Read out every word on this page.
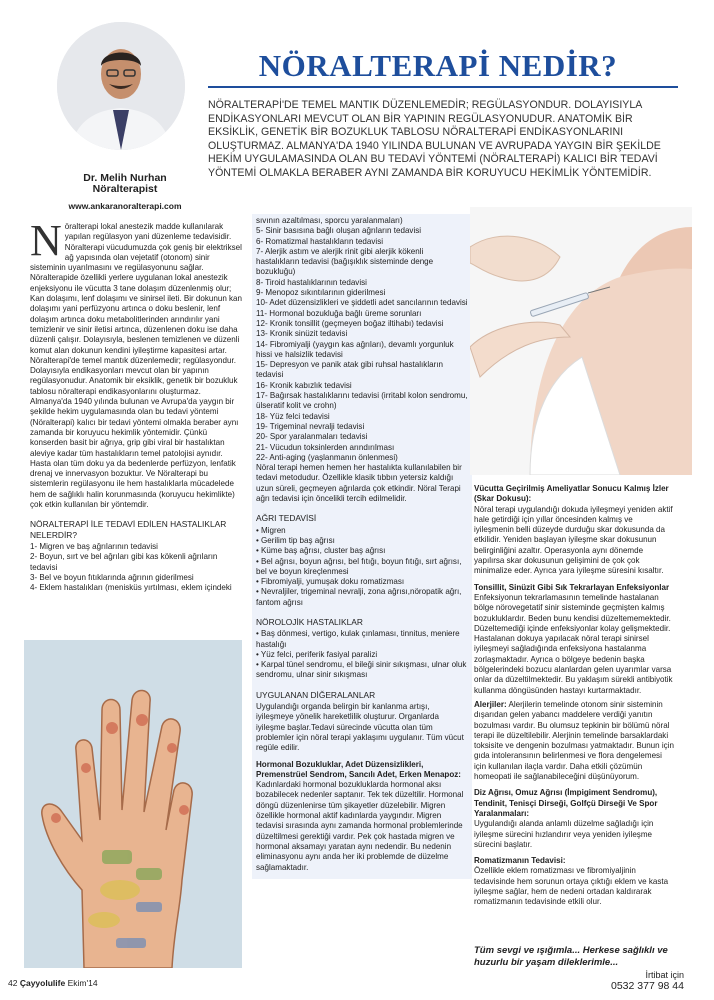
Dr. Melih Nurhan
Nöralterapist
www.ankaranoralterapi.com
NÖRALTERAPİ NEDİR?

NÖRALTERAPİ'DE TEMEL MANTIK DÜZENLEMEDİR; REGÜLASYONDUR. DOLAYISIYLA ENDİKASYONLARI MEVCUT OLAN BİR YAPININ REGÜLASYONUDUR. ANATOMİK BİR EKSİKLİK, GENETİK BİR BOZUKLUK TABLOSU NÖRALTERAPİ ENDİKASYONLARINI OLUŞTURMAZ. ALMANYA'DA 1940 YILINDA BULUNAN VE AVRUPADA YAYGIN BİR ŞEKİLDE HEKİM UYGULAMASINDA OLAN BU TEDAVİ YÖNTEMİ (NÖRALTERAPİ) KALICI BİR TEDAVİ YÖNTEMİ OLMAKLA BERABER AYNI ZAMANDA BİR KORUYUCU HEKİMLİK YÖNTEMİDİR.

Nöralterapi lokal anestezik madde kullanılarak yapılan regülasyon yani düzenleme tedavisidir. Nöralterapi vücudumuzda çok geniş bir elektriksel ağ yapısında olan vejetatif (otonom) sinir sisteminin uyarılmasını ve regülasyonunu sağlar. Nöralterapide özellikli yerlere uygulanan lokal anestezik enjeksiyonu ile vücutta 3 tane dolaşım düzenlenmiş olur; Kan dolaşımı, lenf dolaşımı ve sinirsel ileti. Bir dokunun kan dolaşımı yani perfüzyonu artınca o doku beslenir, lenf dolaşım artınca doku metabolitlerinden arındırılır yani temizlenir ve sinir iletisi artınca, düzenlenen doku ise daha düzenli çalışır. Dolayısıyla, beslenen temizlenen ve düzenli komut alan dokunun kendini iyileştirme kapasitesi artar. Nöralterapi'de temel mantık düzenlemedir; regülasyondur. Dolayısıyla endikasyonları mevcut olan bir yapının regülasyonudur. Anatomik bir eksiklik, genetik bir bozukluk tablosu nöralterapi endikasyonlarını oluşturmaz. Almanya'da 1940 yılında bulunan ve Avrupa'da yaygın bir şekilde hekim uygulamasında olan bu tedavi yöntemi (Nöralterapi) kalıcı bir tedavi yöntemi olmakla beraber aynı zamanda bir koruyucu hekimlik yöntemidir. Çünkü konserden basit bir ağrıya, grip gibi viral bir hastalıktan aleviye kadar tüm hastalıkların temel patolojisi aynıdır. Hasta olan tüm doku ya da bedenlerde perfüzyon, lenfatik drenaj ve innervasyon bozuktur. Ve Nöralterapi bu sistemlerin regülasyonu ile hem hastalıklarla mücadelede hem de sağlıklı halin korunmasında (koruyucu hekimlikte) çok etkin kullanılan bir yöntemdir.

NÖRALTERAPİ İLE TEDAVİ EDİLEN HASTALIKLAR NELERDİR?
1- Migren ve baş ağrılarının tedavisi
2- Boyun, sırt ve bel ağrıları gibi kas kökenli ağrıların tedavisi
3- Bel ve boyun fıtıklarında ağrının giderilmesi
4- Eklem hastalıkları (menisküs yırtılması, eklem içindeki
sıvının azaltılması, sporcu yaralanmaları)
5- Sinir basısına bağlı oluşan ağrıların tedavisi
6- Romatizmal hastalıkların tedavisi
7- Alerjik astım ve alerjik rinit gibi alerjik kökenli hastalıkların tedavisi (bağışıklık sisteminde denge bozukluğu)
8- Tiroid hastalıklarının tedavisi
9- Menopoz sıkıntılarının giderilmesi
10- Adet düzensizlikleri ve şiddetli adet sancılarının tedavisi
11- Hormonal bozukluğa bağlı üreme sorunları
12- Kronik tonsillit (geçmeyen boğaz iltihabı) tedavisi
13- Kronik sinüzit tedavisi
14- Fibromiyalji (yaygın kas ağrıları), devamlı yorgunluk hissi ve halsizlik tedavisi
15- Depresyon ve panik atak gibi ruhsal hastalıkların tedavisi
16- Kronik kabızlık tedavisi
17- Bağırsak hastalıklarını tedavisi (irritabl kolon sendromu, ülseratif kolit ve crohn)
18- Yüz felci tedavisi
19- Trigeminal nevralji tedavisi
20- Spor yaralanmaları tedavisi
21- Vücudun toksinlerden arındırılması
22- Anti-aging (yaşlanmanın önlenmesi)

Nöral terapi hemen hemen her hastalıkta kullanılabilen bir tedavi metodudur. Özellikle klasik tıbbın yetersiz kaldığı uzun süreli, geçmeyen ağrılarda çok etkindir. Nöral Terapi ağrı tedavisi için öncelikli tercih edilmelidir.

AĞRI TEDAVİSİ
• Migren
• Gerilim tip baş ağrısı
• Küme baş ağrısı, cluster baş ağrısı
• Bel ağrısı, boyun ağrısı, bel fıtığı, boyun fıtığı, sırt ağrısı, bel ve boyun kireçlenmesi
• Fibromiyalji, yumuşak doku romatizması
• Nevraljiler, trigeminal nevralji, zona ağrısı,nöropatik ağrı, fantom ağrısı
NÖROLOJİK HASTALIKLAR
• Baş dönmesi, vertigo, kulak çınlaması, tinnitus, meniere hastalığı
• Yüz felci, periferik fasiyal paralizi
• Karpal tünel sendromu, el bileği sinir sıkışması, ulnar oluk sendromu, ulnar sinir sıkışması
UYGULANAN DİĞERALANLAR

Uygulandığı organda belirgin bir kanlanma artışı, iyileşmeye yönelik hareketlilik oluşturur. Organlarda iyileşme başlar.Tedavi sürecinde vücutta olan tüm problemler için nöral terapi yaklaşımı uygulanır. Tüm vücut regüle edilir.

Hormonal Bozukluklar, Adet Düzensizlikleri, Premenstrüel Sendrom, Sancılı Adet, Erken Menapoz:

Kadınlardaki hormonal bozukluklarda hormonal aksı bozabilecek nedenler saptanır. Tek tek düzeltilir. Hormonal döngü düzenlenirse tüm şikayetler düzelebilir. Migren özellikle hormonal aktif kadınlarda yaygındır. Migren tedavisi sırasında aynı zamanda hormonal problemlerinde düzeltilmesi gerektiği vardır. Pek çok hastada migren ve hormonal aksamayı yaratan aynı nedendir. Bu nedenin eliminasyonu aynı anda her iki problemde de düzelme sağlamaktadır.

Vücutta Geçirilmiş Ameliyatlar Sonucu Kalmış İzler (Skar Dokusu):

Nöral terapi uygulandığı dokuda iyileşmeyi yeniden aktif hale getirdiği için yıllar öncesinden kalmış ve iyileşmenin belli düzeyde durduğu skar dokusunda da etkilidir. Yeniden başlayan iyileşme skar dokusunun belirginliğini azaltır. Operasyonla aynı dönemde yapılırsa skar dokusunun gelişimini de çok çok minimalize eder. Ayrıca yara iyileşme süresini kısaltır.

Tonsillit, Sinüzit Gibi Sık Tekrarlayan Enfeksiyonlar

Enfeksiyonun tekrarlamasının temelinde hastalanan bölge nörovegetatif sinir sisteminde geçmişten kalmış bozukluklardır. Beden bunu kendisi düzeltememektedir. Düzeltemediği içinde enfeksiyonlar kolay gelişmektedir. Hastalanan dokuya yapılacak nöral terapi sinirsel iyileşmeyi sağladığında enfeksiyona hastalanma zorlaşmaktadır. Ayrıca o bölgeye bedenin başka bölgelerindeki bozucu alanlardan gelen uyarımlar varsa onlar da düzeltilmektedir. Bu yaklaşım sürekli antibiyotik kullanma döngüsünden hastayı kurtarmaktadır.

Alerjiler: Alerjilerin temelinde otonom sinir sisteminin dışarıdan gelen yabancı maddelere verdiği yanıtın bozulması vardır. Bu olumsuz tepkinin bir bölümü nöral terapi ile düzeltilebilir. Alerjinin temelinde barsaklardaki toksisite ve dengenin bozulması yatmaktadır. Bunun için gıda intoleransının belirlenmesi ve flora dengelemesi için kullanılan ilaçla vardır. Daha etkili çözümün homeopati ile sağlanabileceğini düşünüyorum.

Diz Ağrısı, Omuz Ağrısı (İmpigiment Sendromu), Tendinit, Tenisçi Dirseği, Golfçü Dirseği Ve Spor Yaralanmaları:

Uygulandığı alanda anlamlı düzelme sağladığı için iyileşme sürecini hızlandırır veya yeniden iyileşme sürecini başlatır.

Romatizmanın Tedavisi:

Özellikle eklem romatizması ve fibromiyaljinin tedavisinde hem sorunun ortaya çıktığı eklem ve kasta iyileşme sağlar, hem de nedeni ortadan kaldırarak romatizmanın tedavisinde etkili olur.

Tüm sevgi ve ışığımla... Herkese sağlıklı ve huzurlu bir yaşam dileklerimle...
42 Çayyolulife Ekim'14
İrtibat için
0532 377 98 44
